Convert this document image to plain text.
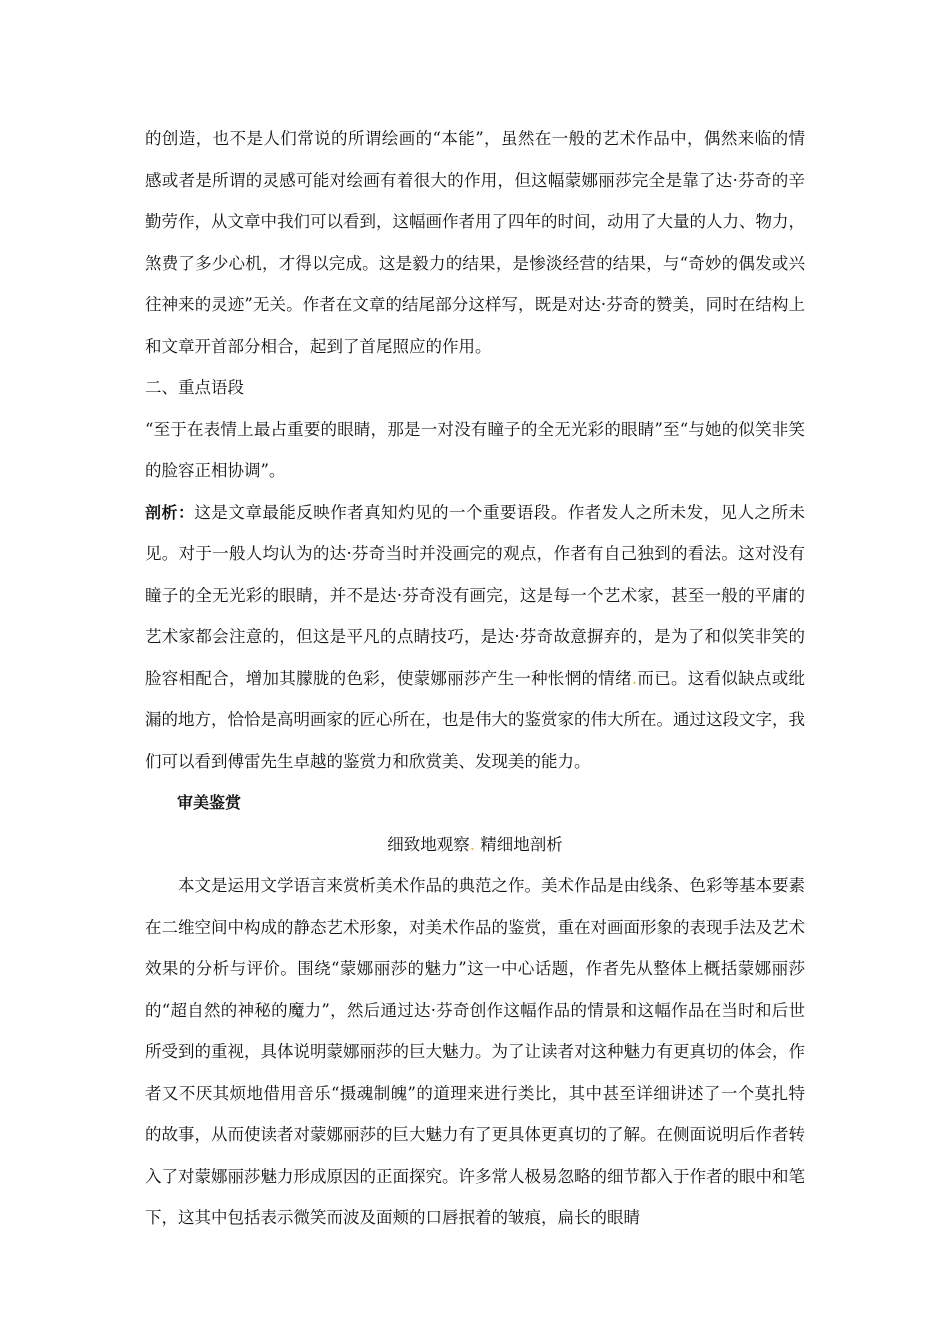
的创造，也不是人们常说的所谓绘画的“本能”，虽然在一般的艺术作品中，偶然来临的情感或者是所谓的灵感可能对绘画有着很大的作用，但这幅蒙娜丽莎完全是靠了达·芬奇的辛勤劳作，从文章中我们可以看到，这幅画作者用了四年的时间，动用了大量的人力、物力，煞费了多少心机，才得以完成。这是毅力的结果，是惨淡经营的结果，与“奇妙的偶发或兴往神来的灵迹”无关。作者在文章的结尾部分这样写，既是对达·芬奇的赞美，同时在结构上和文章开首部分相合，起到了首尾照应的作用。

二、重点语段

“至于在表情上最占重要的眼睛，那是一对没有瞳子的全无光彩的眼睛”至“与她的似笑非笑的脸容正相协调”。

剖析：这是文章最能反映作者真知灼见的一个重要语段。作者发人之所未发，见人之所未见。对于一般人均认为的达·芬奇当时并没画完的观点，作者有自己独到的看法。这对没有瞳子的全无光彩的眼睛，并不是达·芬奇没有画完，这是每一个艺术家，甚至一般的平庸的艺术家都会注意的，但这是平凡的点睛技巧，是达·芬奇故意摒弃的，是为了和似笑非笑的脸容相配合，增加其朦胧的色彩，使蒙娜丽莎产生一种怅惘的情绪.而已。这看似缺点或纰漏的地方，恰恰是高明画家的匠心所在，也是伟大的鉴赏家的伟大所在。通过这段文字，我们可以看到傅雷先生卓越的鉴赏力和欣赏美、发现美的能力。

审美鉴赏

细致地观察. 精细地剖析

本文是运用文学语言来赏析美术作品的典范之作。美术作品是由线条、色彩等基本要素在二维空间中构成的静态艺术形象，对美术作品的鉴赏，重在对画面形象的表现手法及艺术效果的分析与评价。围绕“蒙娜丽莎的魅力”这一中心话题，作者先从整体上概括蒙娜丽莎的“超自然的神秘的魔力”，然后通过达·芬奇创作这幅作品的情景和这幅作品在当时和后世所受到的重视，具体说明蒙娜丽莎的巨大魅力。为了让读者对这种魅力有更真切的体会，作者又不厌其烦地借用音乐“摄魂制魄”的道理来进行类比，其中甚至详细讲述了一个莫扎特的故事，从而使读者对蒙娜丽莎的巨大魅力有了更具体更真切的了解。在侧面说明后作者转入了对蒙娜丽莎魅力形成原因的正面探究。许多常人极易忽略的细节都入于作者的眼中和笔下，这其中包括表示微笑而波及面颊的口唇抿着的皱痕，扁长的眼睛
